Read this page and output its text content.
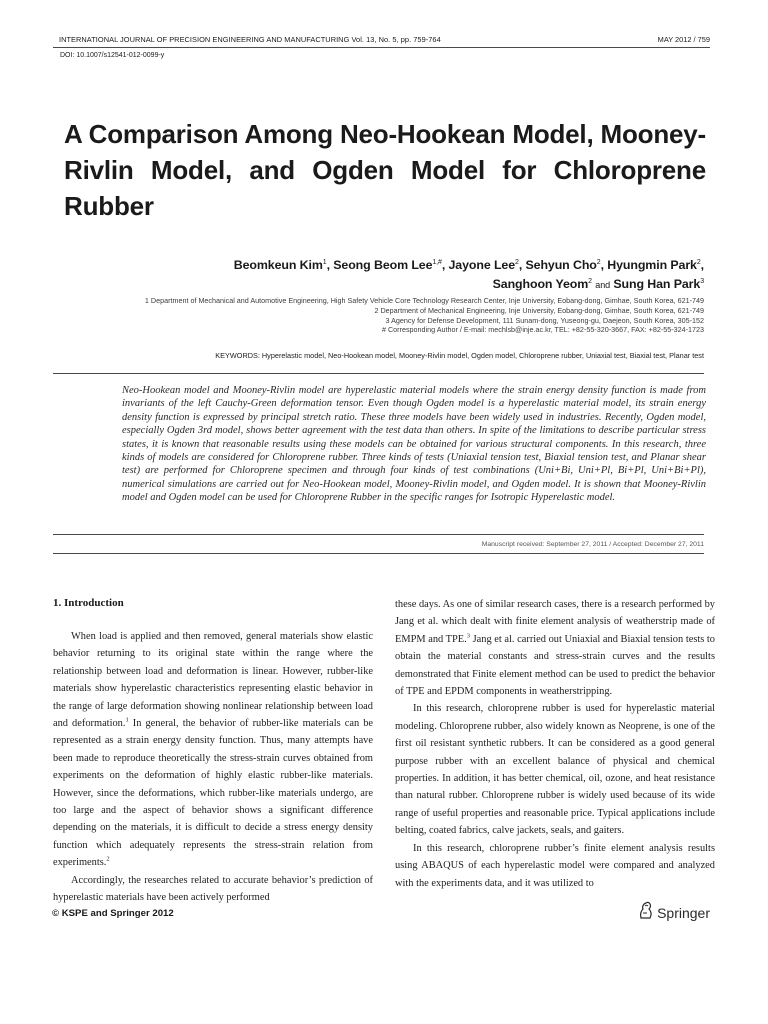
INTERNATIONAL JOURNAL OF PRECISION ENGINEERING AND MANUFACTURING Vol. 13, No. 5, pp. 759-764	MAY 2012 / 759
DOI: 10.1007/s12541-012-0099-y
A Comparison Among Neo-Hookean Model, Mooney-Rivlin Model, and Ogden Model for Chloroprene Rubber
Beomkeun Kim$^1$, Seong Beom Lee$^{1,\#}$, Jayone Lee$^2$, Sehyun Cho$^2$, Hyungmin Park$^2$,
Sanghoon Yeom$^2$ and Sung Han Park$^3$
1 Department of Mechanical and Automotive Engineering, High Safety Vehicle Core Technology Research Center, Inje University, Eobang-dong, Gimhae, South Korea, 621-749
2 Department of Mechanical Engineering, Inje University, Eobang-dong, Gimhae, South Korea, 621-749
3 Agency for Defense Development, 111 Sunam-dong, Yuseong-gu, Daejeon, South Korea, 305-152
# Corresponding Author / E-mail: mechlsb@inje.ac.kr, TEL: +82-55-320-3667, FAX: +82-55-324-1723
KEYWORDS: Hyperelastic model, Neo-Hookean model, Mooney-Rivlin model, Ogden model, Chloroprene rubber, Uniaxial test, Biaxial test, Planar test

Neo-Hookean model and Mooney-Rivlin model are hyperelastic material models where the strain energy density function is made from invariants of the left Cauchy-Green deformation tensor. Even though Ogden model is a hyperelastic material model, its strain energy density function is expressed by principal stretch ratio. These three models have been widely used in industries. Recently, Ogden model, especially Ogden 3rd model, shows better agreement with the test data than others. In spite of the limitations to describe particular stress states, it is known that reasonable results using these models can be obtained for various structural components. In this research, three kinds of models are considered for Chloroprene rubber. Three kinds of tests (Uniaxial tension test, Biaxial tension test, and Planar shear test) are performed for Chloroprene specimen and through four kinds of test combinations (Uni+Bi, Uni+Pl, Bi+Pl, Uni+Bi+Pl), numerical simulations are carried out for Neo-Hookean model, Mooney-Rivlin model, and Ogden model. It is shown that Mooney-Rivlin model and Ogden model can be used for Chloroprene Rubber in the specific ranges for Isotropic Hyperelastic model.

Manuscript received: September 27, 2011 / Accepted: December 27, 2011
1. Introduction

When load is applied and then removed, general materials show elastic behavior returning to its original state within the range where the relationship between load and deformation is linear. However, rubber-like materials show hyperelastic characteristics representing elastic behavior in the range of large deformation showing nonlinear relationship between load and deformation.$^1$ In general, the behavior of rubber-like materials can be represented as a strain energy density function. Thus, many attempts have been made to reproduce theoretically the stress-strain curves obtained from experiments on the deformation of highly elastic rubber-like materials. However, since the deformations, which rubber-like materials undergo, are too large and the aspect of behavior shows a significant difference depending on the materials, it is difficult to decide a stress energy density function which adequately represents the stress-strain relation from experiments.$^2$

Accordingly, the researches related to accurate behavior’s prediction of hyperelastic materials have been actively performed

these days. As one of similar research cases, there is a research performed by Jang et al. which dealt with finite element analysis of weatherstrip made of EMPM and TPE.$^3$ Jang et al. carried out Uniaxial and Biaxial tension tests to obtain the material constants and stress-strain curves and the results demonstrated that Finite element method can be used to predict the behavior of TPE and EPDM components in weatherstripping.

In this research, chloroprene rubber is used for hyperelastic material modeling. Chloroprene rubber, also widely known as Neoprene, is one of the first oil resistant synthetic rubbers. It can be considered as a good general purpose rubber with an excellent balance of physical and chemical properties. In addition, it has better chemical, oil, ozone, and heat resistance than natural rubber. Chloroprene rubber is widely used because of its wide range of useful properties and reasonable price. Typical applications include belting, coated fabrics, calve jackets, seals, and gaiters.

In this research, chloroprene rubber’s finite element analysis results using ABAQUS of each hyperelastic model were compared and analyzed with the experiments data, and it was utilized to

© KSPE and Springer 2012	Springer
